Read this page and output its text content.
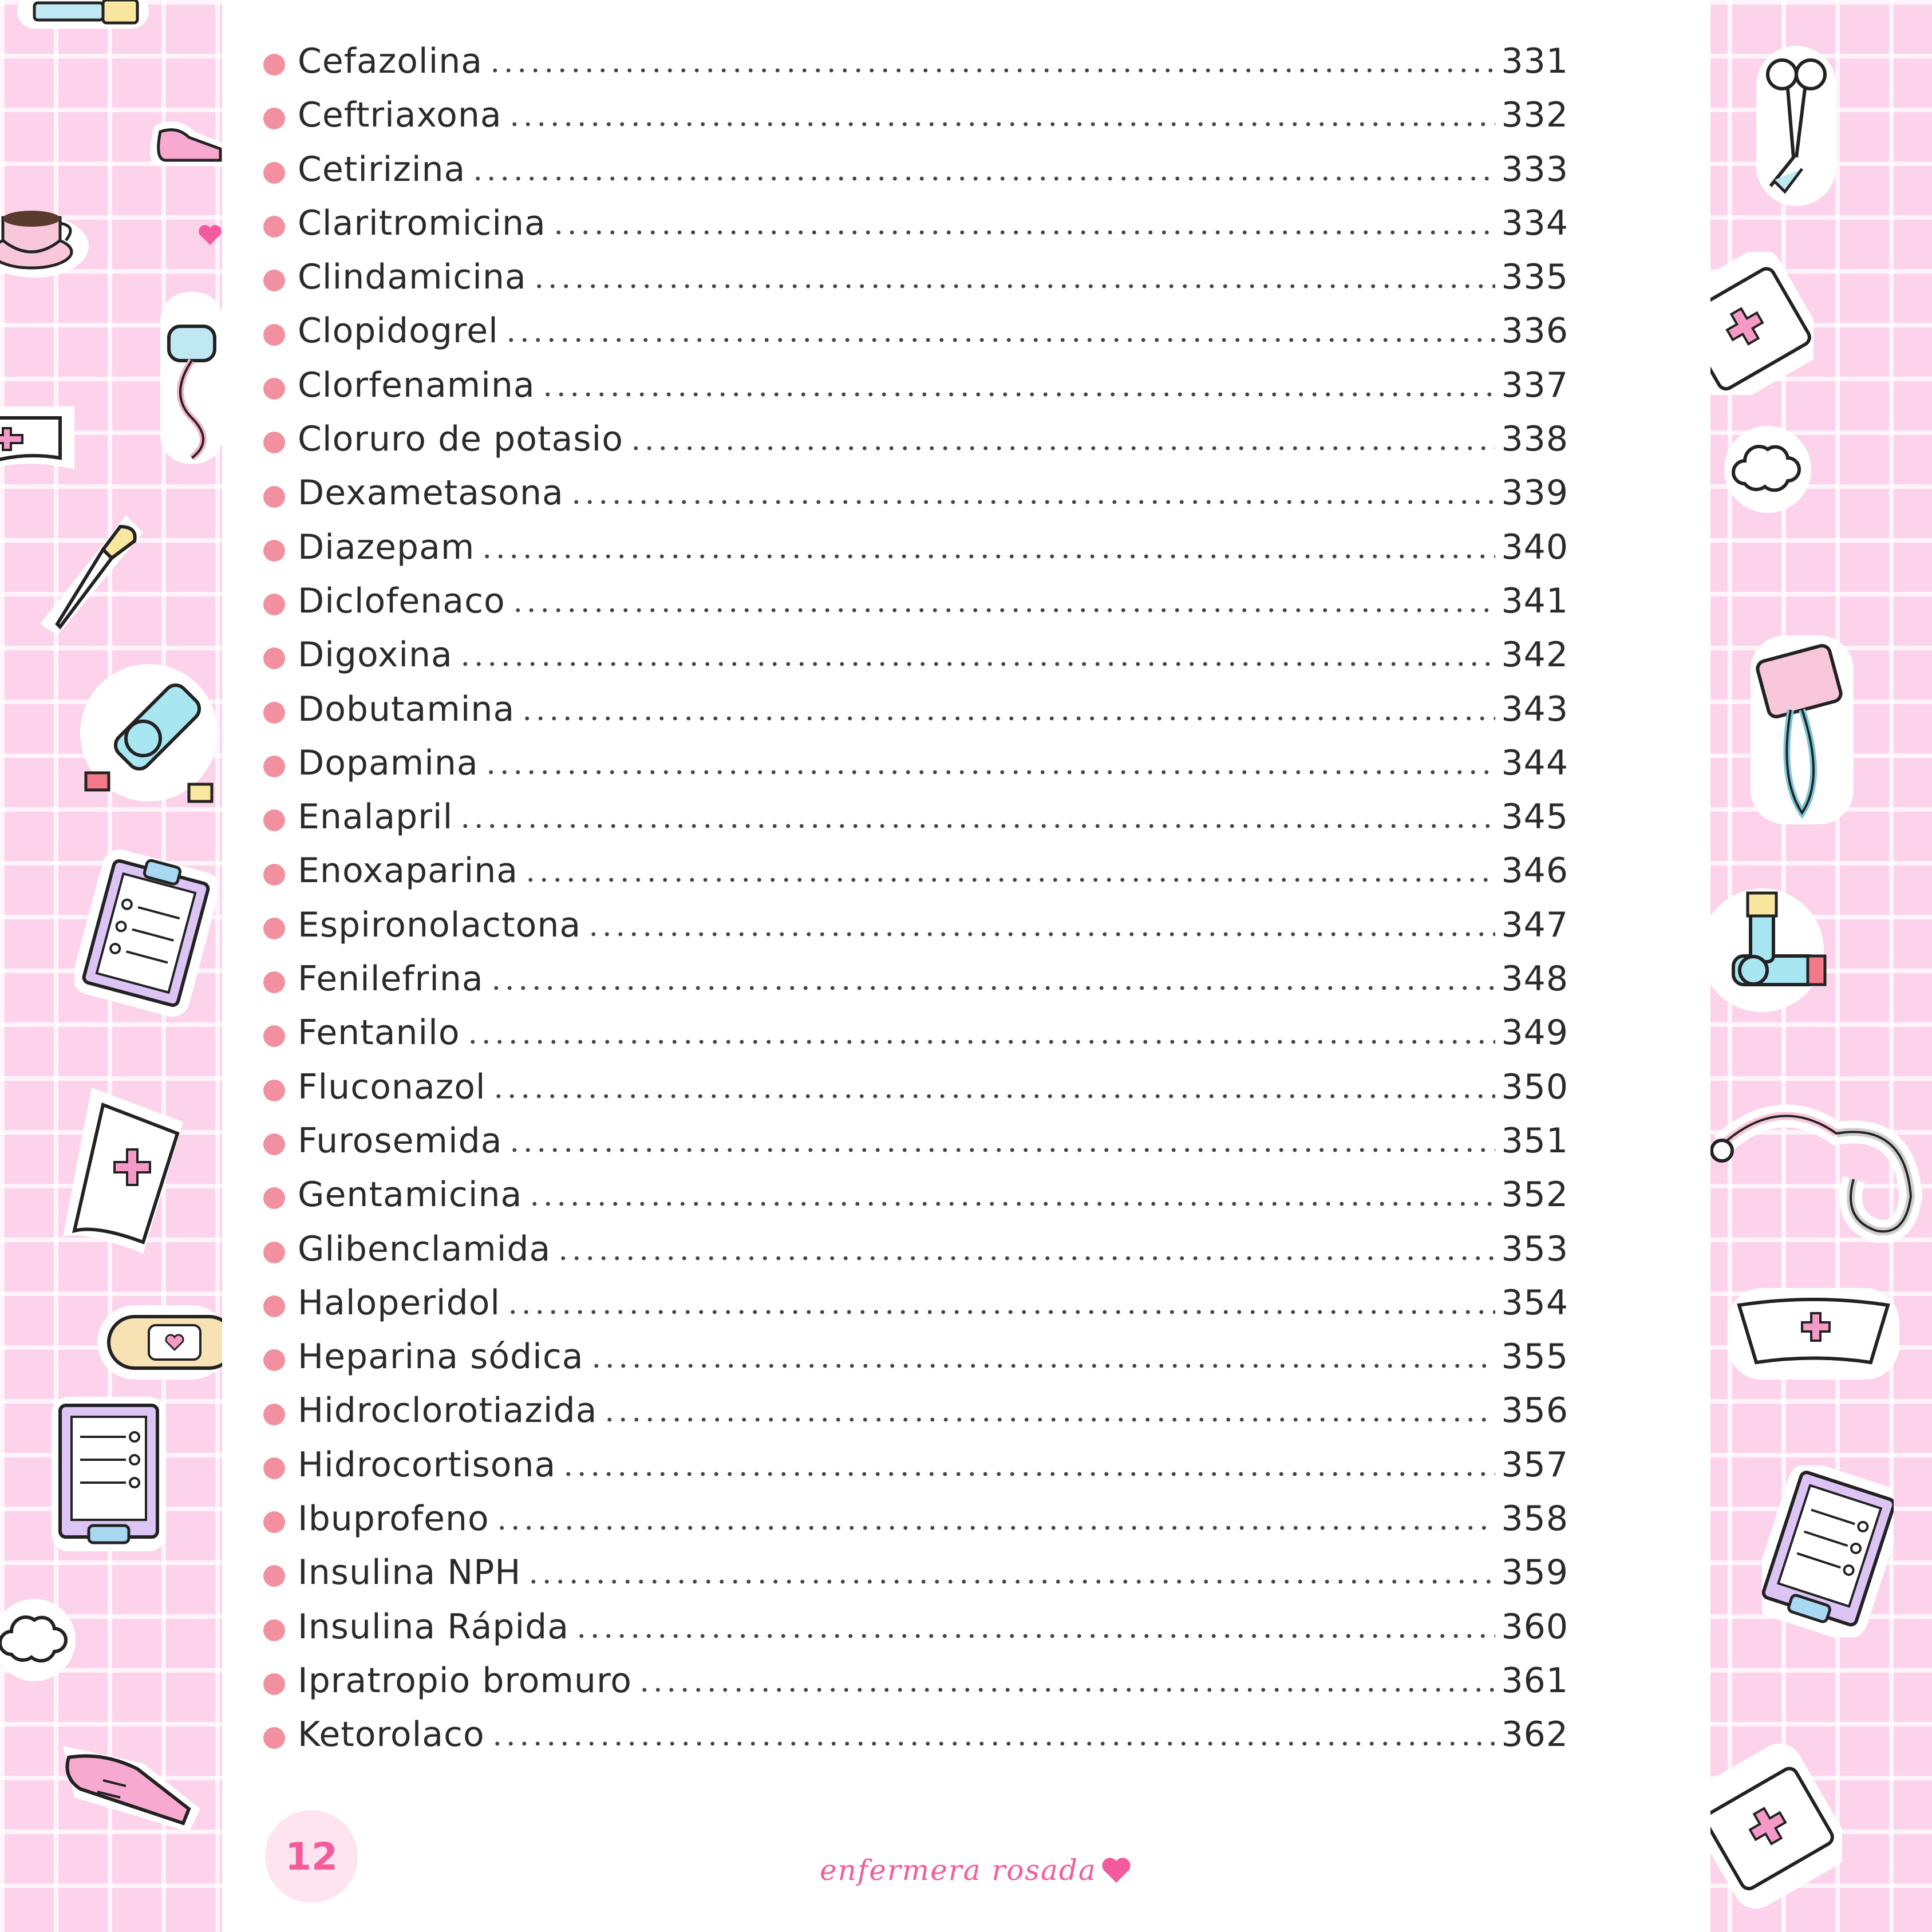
Cefazolina	331
Ceftriaxona	332
Cetirizina	333
Claritromicina	334
Clindamicina	335
Clopidogrel	336
Clorfenamina	337
Cloruro de potasio	338
Dexametasona	339
Diazepam	340
Diclofenaco	341
Digoxina	342
Dobutamina	343
Dopamina	344
Enalapril	345
Enoxaparina	346
Espironolactona	347
Fenilefrina	348
Fentanilo	349
Fluconazol	350
Furosemida	351
Gentamicina	352
Glibenclamida	353
Haloperidol	354
Heparina sódica	355
Hidroclorotiazida	356
Hidrocortisona	357
Ibuprofeno	358
Insulina NPH	359
Insulina Rápida	360
Ipratropio bromuro	361
Ketorolaco	362
12	enfermera rosada
